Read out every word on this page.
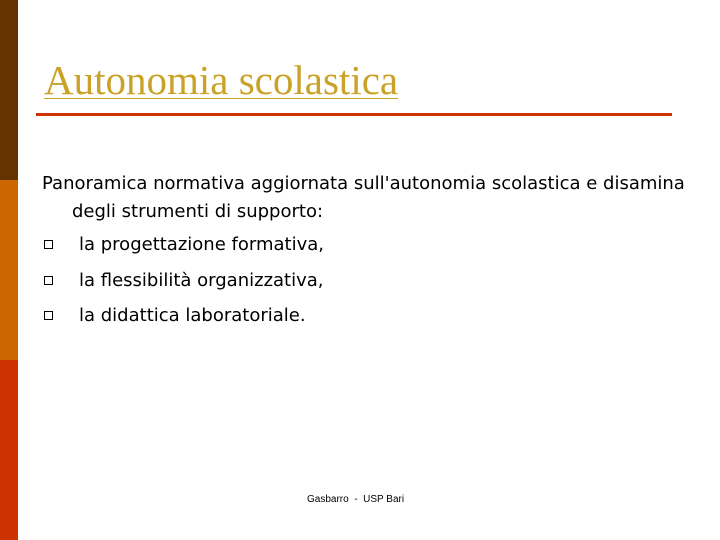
Autonomia scolastica

Panoramica normativa aggiornata sull'autonomia scolastica e disamina degli strumenti di supporto:

la progettazione formativa,
la flessibilità organizzativa,
la didattica laboratoriale.
Gasbarro  -  USP Bari
